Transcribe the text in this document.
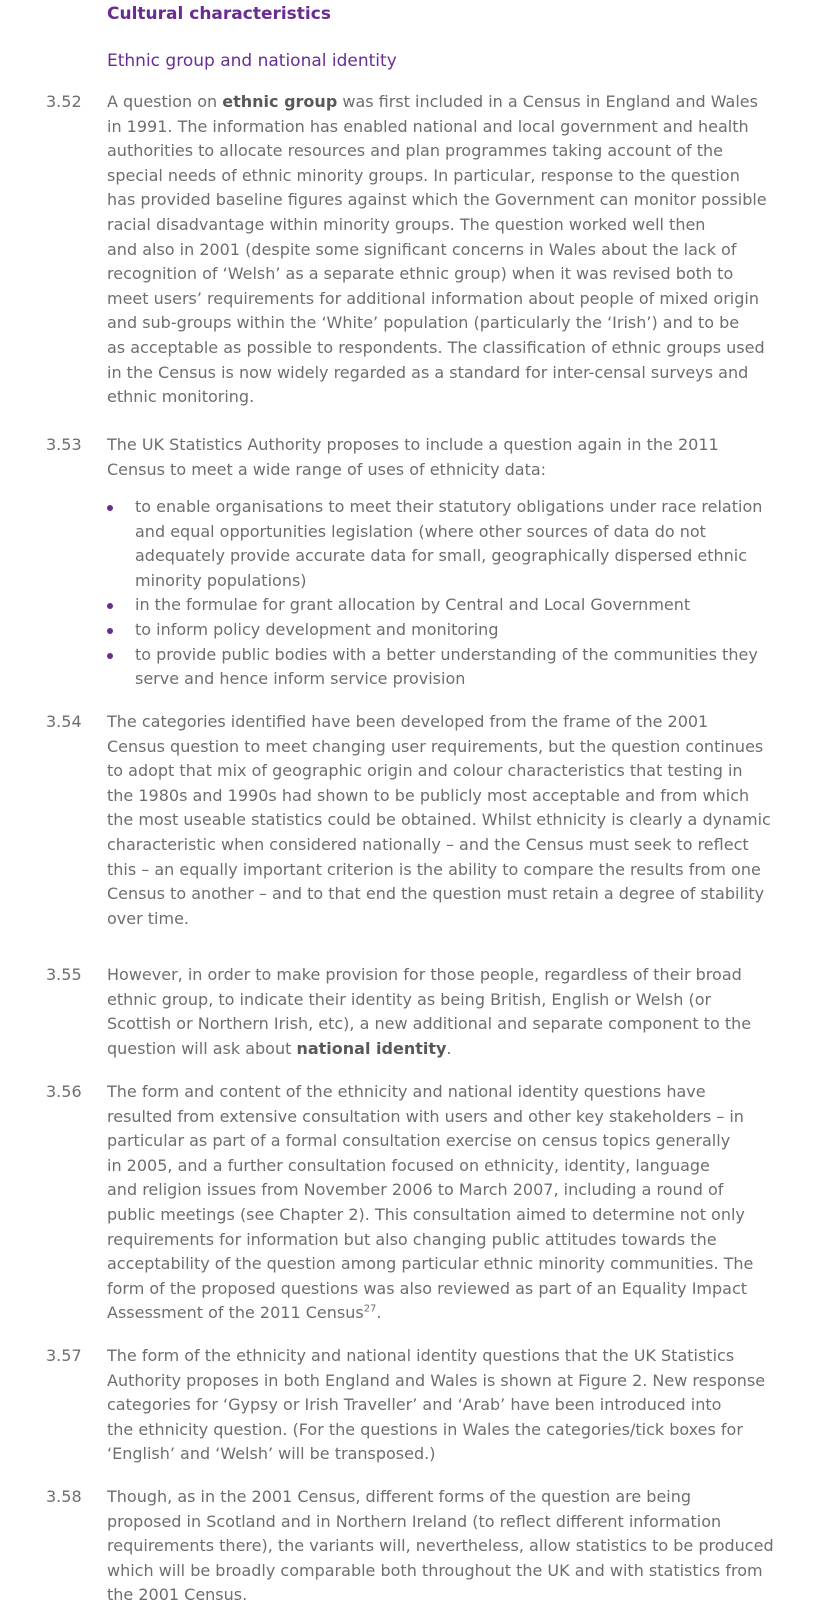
Cultural characteristics
Ethnic group and national identity
3.52 A question on ethnic group was first included in a Census in England and Wales
in 1991. The information has enabled national and local government and health
authorities to allocate resources and plan programmes taking account of the
special needs of ethnic minority groups. In particular, response to the question
has provided baseline figures against which the Government can monitor possible
racial disadvantage within minority groups. The question worked well then
and also in 2001 (despite some significant concerns in Wales about the lack of
recognition of ‘Welsh’ as a separate ethnic group) when it was revised both to
meet users’ requirements for additional information about people of mixed origin
and sub-groups within the ‘White’ population (particularly the ‘Irish’) and to be
as acceptable as possible to respondents. The classification of ethnic groups used
in the Census is now widely regarded as a standard for inter-censal surveys and
ethnic monitoring.
3.53 The UK Statistics Authority proposes to include a question again in the 2011
Census to meet a wide range of uses of ethnicity data:
to enable organisations to meet their statutory obligations under race relation
and equal opportunities legislation (where other sources of data do not
adequately provide accurate data for small, geographically dispersed ethnic
minority populations)
in the formulae for grant allocation by Central and Local Government
to inform policy development and monitoring
to provide public bodies with a better understanding of the communities they
serve and hence inform service provision
3.54 The categories identified have been developed from the frame of the 2001
Census question to meet changing user requirements, but the question continues
to adopt that mix of geographic origin and colour characteristics that testing in
the 1980s and 1990s had shown to be publicly most acceptable and from which
the most useable statistics could be obtained. Whilst ethnicity is clearly a dynamic
characteristic when considered nationally – and the Census must seek to reflect
this – an equally important criterion is the ability to compare the results from one
Census to another – and to that end the question must retain a degree of stability
over time.
3.55 However, in order to make provision for those people, regardless of their broad
ethnic group, to indicate their identity as being British, English or Welsh (or
Scottish or Northern Irish, etc), a new additional and separate component to the
question will ask about national identity.
3.56 The form and content of the ethnicity and national identity questions have
resulted from extensive consultation with users and other key stakeholders – in
particular as part of a formal consultation exercise on census topics generally
in 2005, and a further consultation focused on ethnicity, identity, language
and religion issues from November 2006 to March 2007, including a round of
public meetings (see Chapter 2). This consultation aimed to determine not only
requirements for information but also changing public attitudes towards the
acceptability of the question among particular ethnic minority communities. The
form of the proposed questions was also reviewed as part of an Equality Impact
Assessment of the 2011 Census$^{27}$.
3.57 The form of the ethnicity and national identity questions that the UK Statistics
Authority proposes in both England and Wales is shown at Figure 2. New response
categories for ‘Gypsy or Irish Traveller’ and ‘Arab’ have been introduced into
the ethnicity question. (For the questions in Wales the categories/tick boxes for
‘English’ and ‘Welsh’ will be transposed.)
3.58 Though, as in the 2001 Census, different forms of the question are being
proposed in Scotland and in Northern Ireland (to reflect different information
requirements there), the variants will, nevertheless, allow statistics to be produced
which will be broadly comparable both throughout the UK and with statistics from
the 2001 Census.
